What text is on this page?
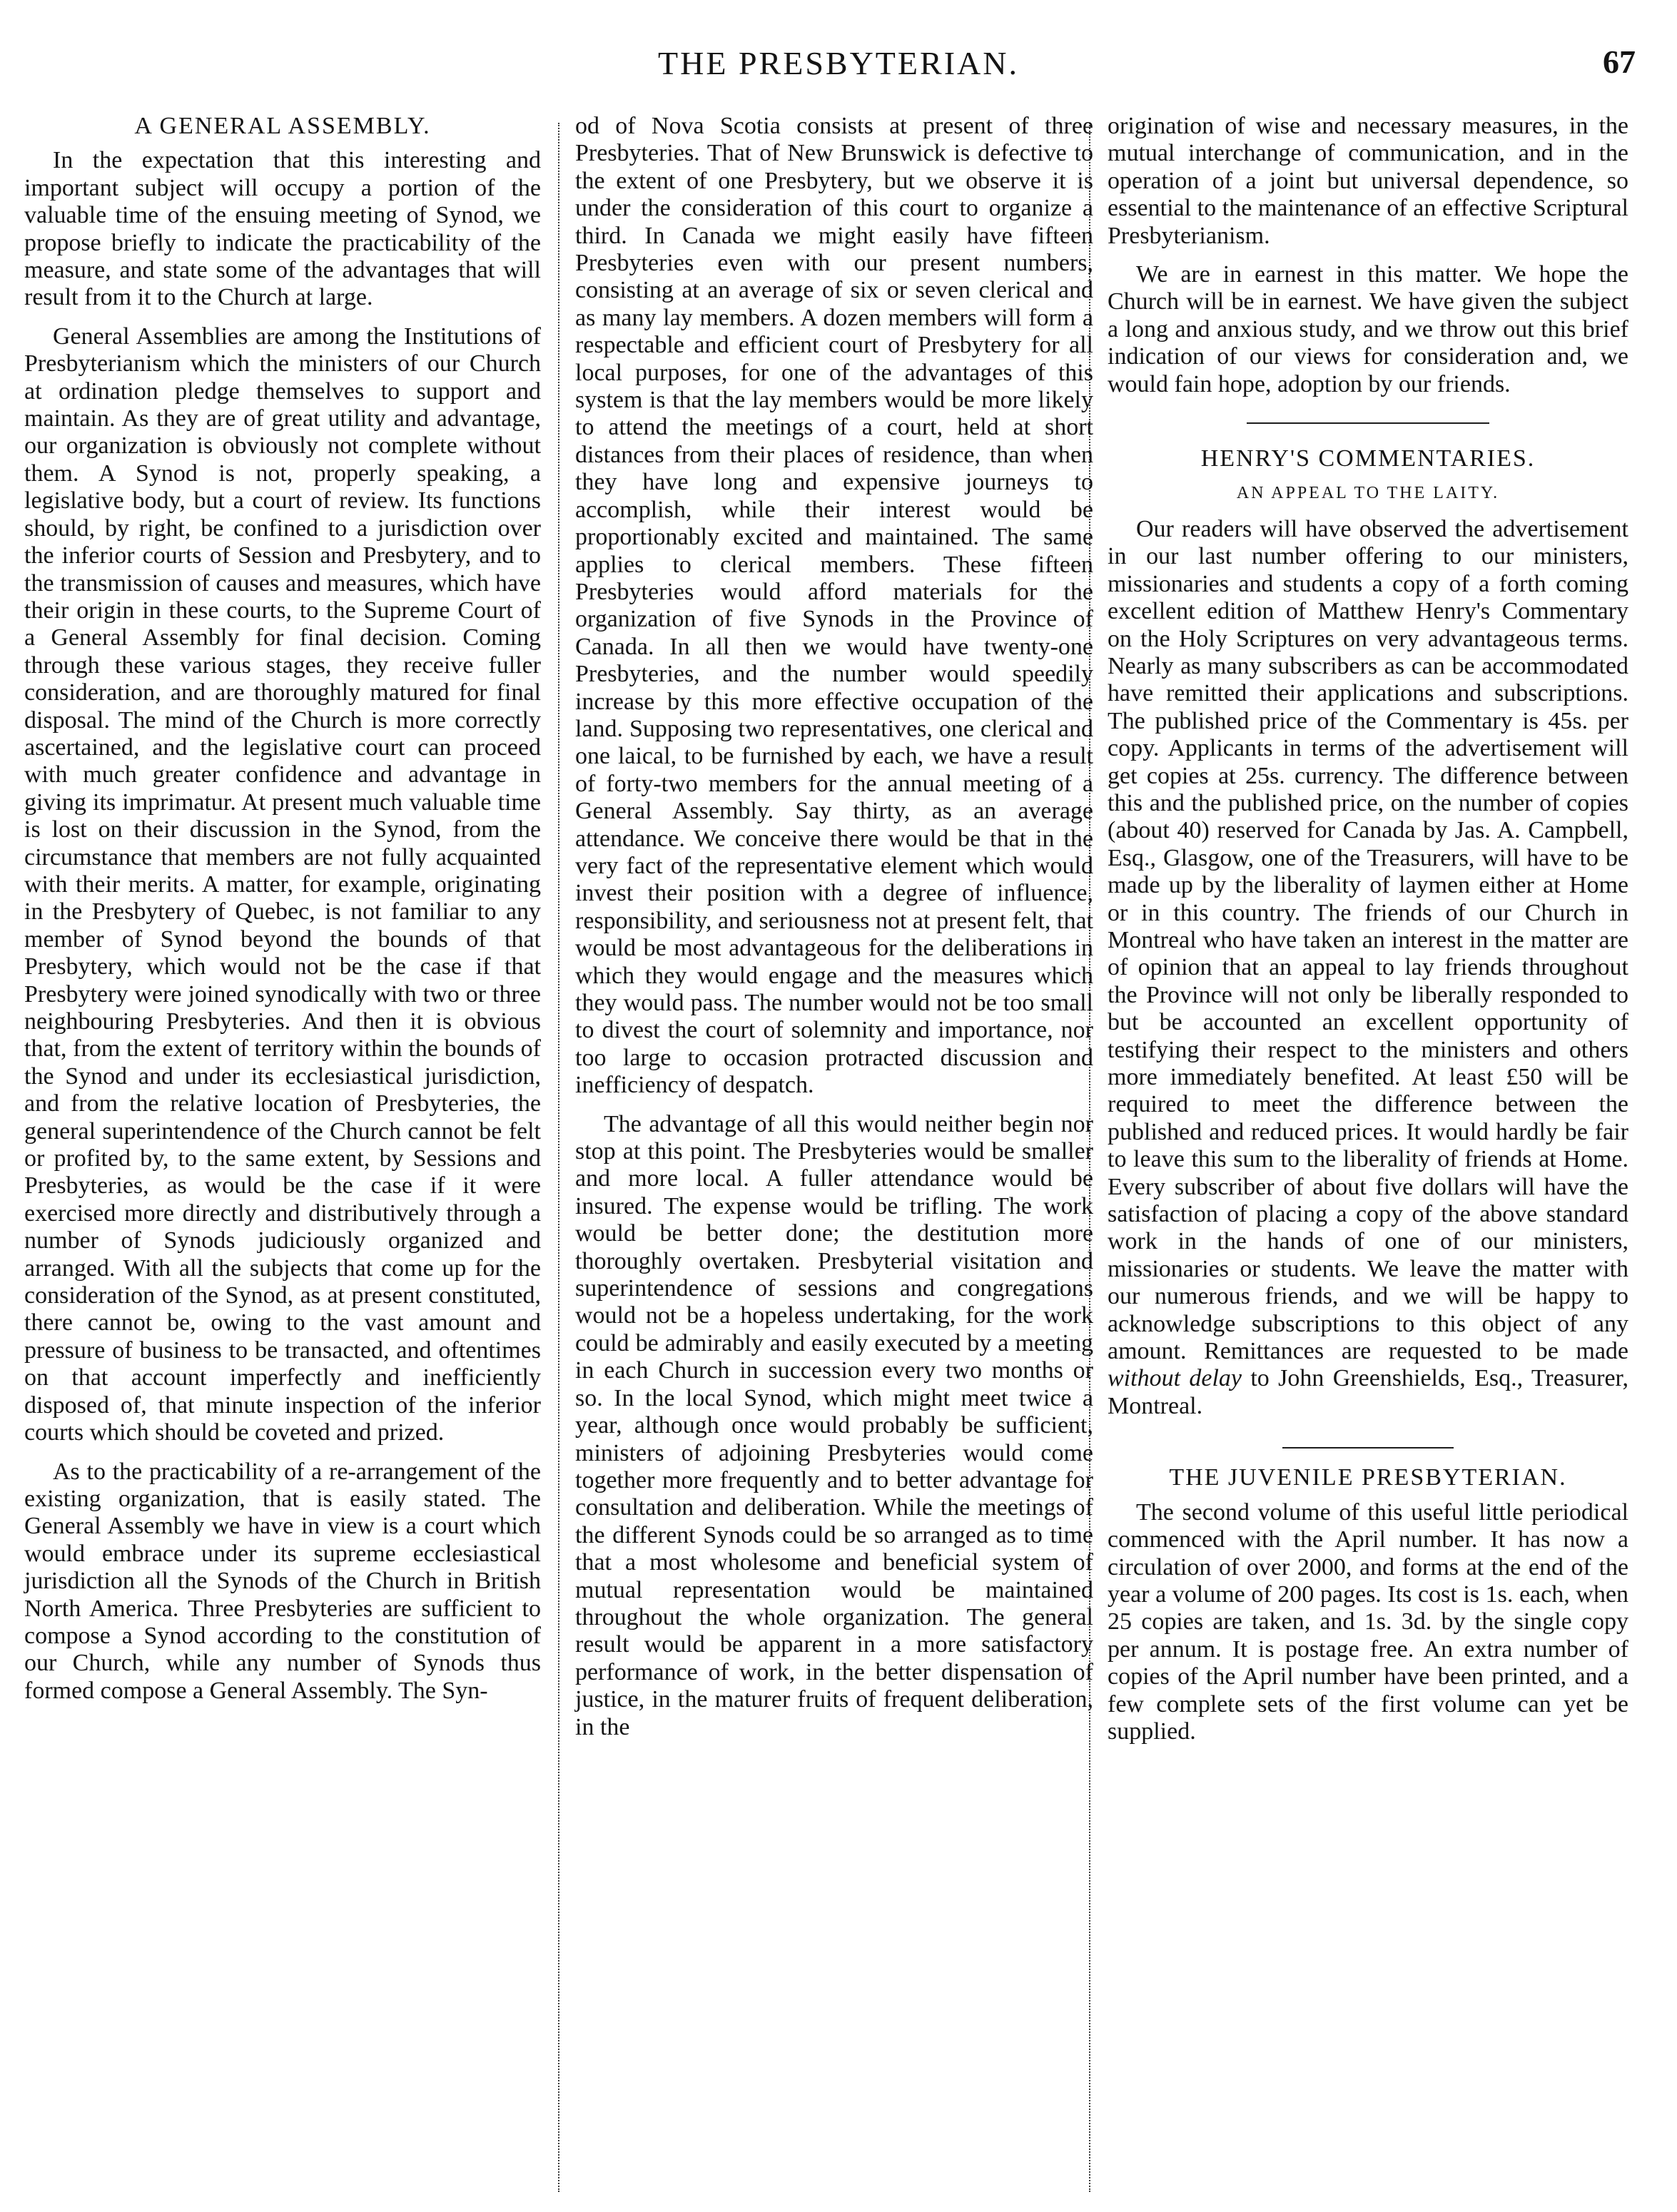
THE PRESBYTERIAN.	67
A GENERAL ASSEMBLY.

In the expectation that this interesting and important subject will occupy a portion of the valuable time of the ensuing meeting of Synod, we propose briefly to indicate the practicability of the measure, and state some of the advantages that will result from it to the Church at large.

General Assemblies are among the Institutions of Presbyterianism which the ministers of our Church at ordination pledge themselves to support and maintain. As they are of great utility and advantage, our organization is obviously not complete without them. A Synod is not, properly speaking, a legislative body, but a court of review. Its functions should, by right, be confined to a jurisdiction over the inferior courts of Session and Presbytery, and to the transmission of causes and measures, which have their origin in these courts, to the Supreme Court of a General Assembly for final decision. Coming through these various stages, they receive fuller consideration, and are thoroughly matured for final disposal. The mind of the Church is more correctly ascertained, and the legislative court can proceed with much greater confidence and advantage in giving its imprimatur. At present much valuable time is lost on their discussion in the Synod, from the circumstance that members are not fully acquainted with their merits. A matter, for example, originating in the Presbytery of Quebec, is not familiar to any member of Synod beyond the bounds of that Presbytery, which would not be the case if that Presbytery were joined synodically with two or three neighbouring Presbyteries. And then it is obvious that, from the extent of territory within the bounds of the Synod and under its ecclesiastical jurisdiction, and from the relative location of Presbyteries, the general superintendence of the Church cannot be felt or profited by, to the same extent, by Sessions and Presbyteries, as would be the case if it were exercised more directly and distributively through a number of Synods judiciously organized and arranged. With all the subjects that come up for the consideration of the Synod, as at present constituted, there cannot be, owing to the vast amount and pressure of business to be transacted, and oftentimes on that account imperfectly and inefficiently disposed of, that minute inspection of the inferior courts which should be coveted and prized.

As to the practicability of a re-arrangement of the existing organization, that is easily stated. The General Assembly we have in view is a court which would embrace under its supreme ecclesiastical jurisdiction all the Synods of the Church in British North America. Three Presbyteries are sufficient to compose a Synod according to the constitution of our Church, while any number of Synods thus formed compose a General Assembly. The Syn-

od of Nova Scotia consists at present of three Presbyteries. That of New Brunswick is defective to the extent of one Presbytery, but we observe it is under the consideration of this court to organize a third. In Canada we might easily have fifteen Presbyteries even with our present numbers, consisting at an average of six or seven clerical and as many lay members. A dozen members will form a respectable and efficient court of Presbytery for all local purposes, for one of the advantages of this system is that the lay members would be more likely to attend the meetings of a court, held at short distances from their places of residence, than when they have long and expensive journeys to accomplish, while their interest would be proportionably excited and maintained. The same applies to clerical members. These fifteen Presbyteries would afford materials for the organization of five Synods in the Province of Canada. In all then we would have twenty-one Presbyteries, and the number would speedily increase by this more effective occupation of the land. Supposing two representatives, one clerical and one laical, to be furnished by each, we have a result of forty-two members for the annual meeting of a General Assembly. Say thirty, as an average attendance. We conceive there would be that in the very fact of the representative element which would invest their position with a degree of influence, responsibility, and seriousness not at present felt, that would be most advantageous for the deliberations in which they would engage and the measures which they would pass. The number would not be too small to divest the court of solemnity and importance, nor too large to occasion protracted discussion and inefficiency of despatch.

The advantage of all this would neither begin nor stop at this point. The Presbyteries would be smaller and more local. A fuller attendance would be insured. The expense would be trifling. The work would be better done; the destitution more thoroughly overtaken. Presbyterial visitation and superintendence of sessions and congregations would not be a hopeless undertaking, for the work could be admirably and easily executed by a meeting in each Church in succession every two months or so. In the local Synod, which might meet twice a year, although once would probably be sufficient, ministers of adjoining Presbyteries would come together more frequently and to better advantage for consultation and deliberation. While the meetings of the different Synods could be so arranged as to time that a most wholesome and beneficial system of mutual representation would be maintained throughout the whole organization. The general result would be apparent in a more satisfactory performance of work, in the better dispensation of justice, in the maturer fruits of frequent deliberation, in the

origination of wise and necessary measures, in the mutual interchange of communication, and in the operation of a joint but universal dependence, so essential to the maintenance of an effective Scriptural Presbyterianism.

We are in earnest in this matter. We hope the Church will be in earnest. We have given the subject a long and anxious study, and we throw out this brief indication of our views for consideration and, we would fain hope, adoption by our friends.

HENRY'S COMMENTARIES.
AN APPEAL TO THE LAITY.

Our readers will have observed the advertisement in our last number offering to our ministers, missionaries and students a copy of a forth coming excellent edition of Matthew Henry's Commentary on the Holy Scriptures on very advantageous terms. Nearly as many subscribers as can be accommodated have remitted their applications and subscriptions. The published price of the Commentary is 45s. per copy. Applicants in terms of the advertisement will get copies at 25s. currency. The difference between this and the published price, on the number of copies (about 40) reserved for Canada by Jas. A. Campbell, Esq., Glasgow, one of the Treasurers, will have to be made up by the liberality of laymen either at Home or in this country. The friends of our Church in Montreal who have taken an interest in the matter are of opinion that an appeal to lay friends throughout the Province will not only be liberally responded to but be accounted an excellent opportunity of testifying their respect to the ministers and others more immediately benefited. At least £50 will be required to meet the difference between the published and reduced prices. It would hardly be fair to leave this sum to the liberality of friends at Home. Every subscriber of about five dollars will have the satisfaction of placing a copy of the above standard work in the hands of one of our ministers, missionaries or students. We leave the matter with our numerous friends, and we will be happy to acknowledge subscriptions to this object of any amount. Remittances are requested to be made without delay to John Greenshields, Esq., Treasurer, Montreal.

THE JUVENILE PRESBYTERIAN.

The second volume of this useful little periodical commenced with the April number. It has now a circulation of over 2000, and forms at the end of the year a volume of 200 pages. Its cost is 1s. each, when 25 copies are taken, and 1s. 3d. by the single copy per annum. It is postage free. An extra number of copies of the April number have been printed, and a few complete sets of the first volume can yet be supplied.
